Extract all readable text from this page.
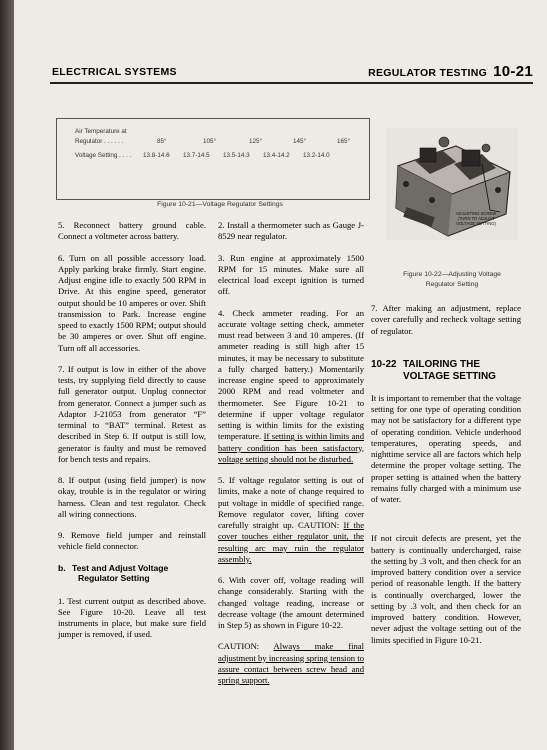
ELECTRICAL SYSTEMS	REGULATOR TESTING 10-21
Air Temperature at
Regulator . . . . . .	85°	105°	125°	145°	165°
Voltage Setting . . . . 13.8-14.6 13.7-14.5 13.5-14.3 13.4-14.2 13.2-14.0
Figure 10-21—Voltage Regulator Settings
ADJUSTING SCREW
(TURN TO ADJUST
VOLTAGE SETTING)
Figure 10-22—Adjusting Voltage
Regulator Setting

5. Reconnect battery ground cable. Connect a voltmeter across battery.

6. Turn on all possible accessory load. Apply parking brake firmly. Start engine. Adjust engine idle to exactly 500 RPM in Drive. At this engine speed, generator output should be 10 amperes or over. Shift transmission to Park. Increase engine speed to exactly 1500 RPM; output should be 30 amperes or over. Shut off engine. Turn off all accessories.

7. If output is low in either of the above tests, try supplying field directly to cause full generator output. Unplug connector from generator. Connect a jumper such as Adaptor J-21053 from generator “F” terminal to “BAT” terminal. Retest as described in Step 6. If output is still low, generator is faulty and must be removed for bench tests and repairs.

8. If output (using field jumper) is now okay, trouble is in the regulator or wiring harness. Clean and test regulator. Check all wiring connections.

9. Remove field jumper and reinstall vehicle field connector.

b. Test and Adjust Voltage
Regulator Setting

1. Test current output as described above. See Figure 10-20. Leave all test instruments in place, but make sure field jumper is removed, if used.

2. Install a thermometer such as Gauge J-8529 near regulator.

3. Run engine at approximately 1500 RPM for 15 minutes. Make sure all electrical load except ignition is turned off.

4. Check ammeter reading. For an accurate voltage setting check, ammeter must read between 3 and 10 amperes. (If ammeter reading is still high after 15 minutes, it may be necessary to substitute a fully charged battery.) Momentarily increase engine speed to approximately 2000 RPM and read voltmeter and thermometer. See Figure 10-21 to determine if upper voltage regulator setting is within limits for the existing temperature. If setting is within limits and battery condition has been satisfactory, voltage setting should not be disturbed.

5. If voltage regulator setting is out of limits, make a note of change required to put voltage in middle of specified range. Remove regulator cover, lifting cover carefully straight up. CAUTION: If the cover touches either regulator unit, the resulting arc may ruin the regulator assembly.

6. With cover off, voltage reading will change considerably. Starting with the changed voltage reading, increase or decrease voltage (the amount determined in Step 5) as shown in Figure 10-22.

CAUTION: Always make final adjustment by increasing spring tension to assure contact between screw head and spring support.

7. After making an adjustment, replace cover carefully and recheck voltage setting of regulator.

10-22 TAILORING THE
VOLTAGE SETTING

It is important to remember that the voltage setting for one type of operating condition may not be satisfactory for a different type of operating condition. Vehicle underhood temperatures, operating speeds, and nighttime service all are factors which help determine the proper voltage setting. The proper setting is attained when the battery remains fully charged with a minimum use of water.

If not circuit defects are present, yet the battery is continually undercharged, raise the setting by .3 volt, and then check for an improved battery condition over a service period of reasonable length. If the battery is continually overcharged, lower the setting by .3 volt, and then check for an improved battery condition. However, never adjust the voltage setting out of the limits specified in Figure 10-21.
